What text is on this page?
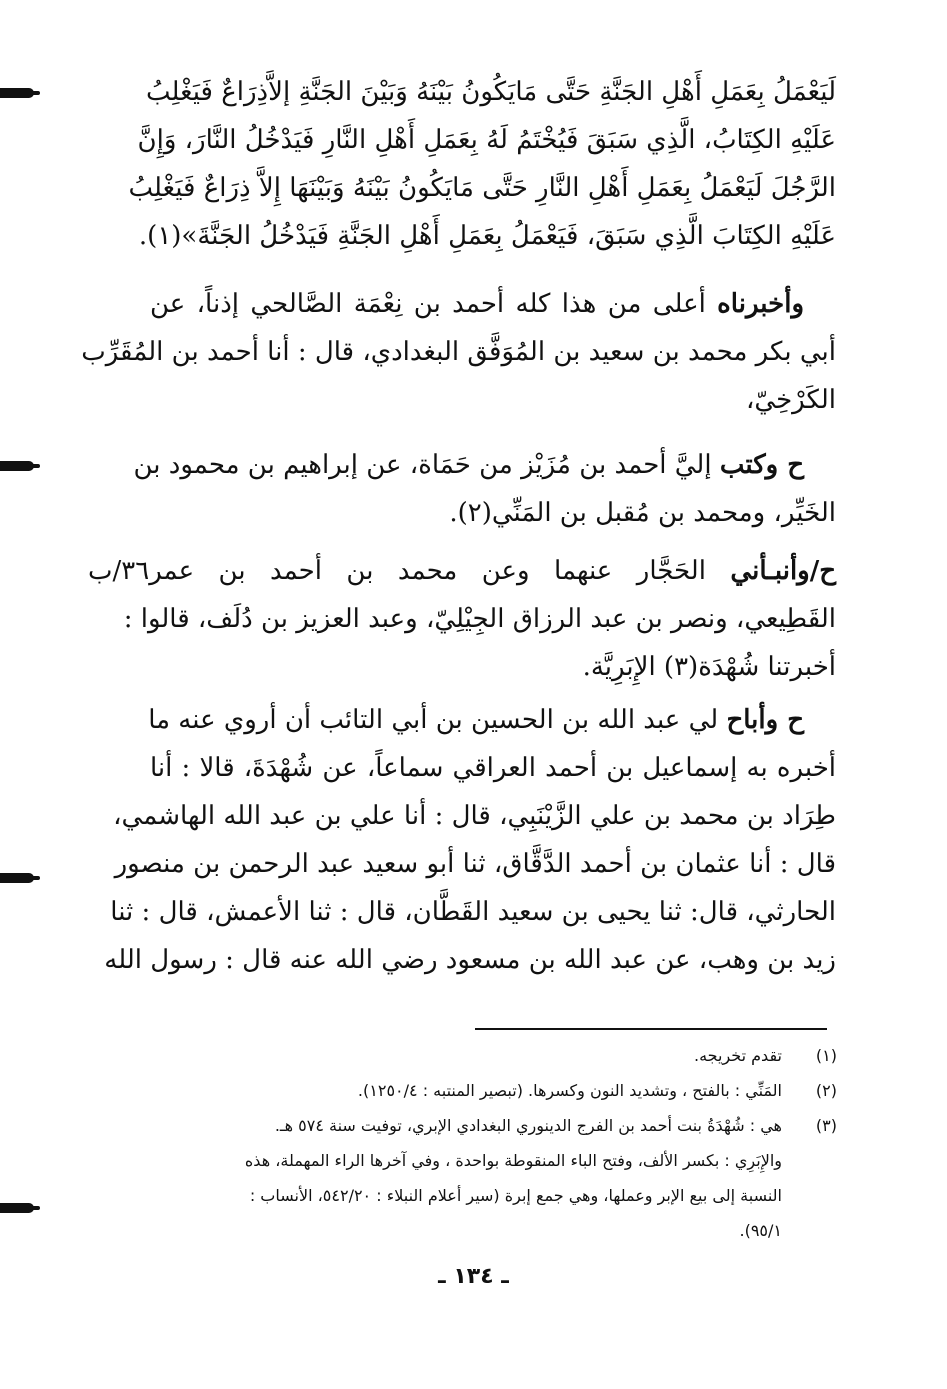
لَيَعْمَلُ بِعَمَلِ أَهْلِ الجَنَّةِ حَتَّى مَايَكُونُ بَيْنَهُ وَبَيْنَ الجَنَّةِ إلاَّذِرَاعٌ فَيَغْلِبُ
عَلَيْهِ الكِتَابُ، الَّذِي سَبَقَ فَيُخْتَمُ لَهُ بِعَمَلِ أَهْلِ النَّارِ فَيَدْخُلُ النَّارَ، وَإِنَّ
الرَّجُلَ لَيَعْمَلُ بِعَمَلِ أَهْلِ النَّارِ حَتَّى مَايَكُونُ بَيْنَهُ وَبَيْنَهَا إِلاَّ ذِرَاعٌ فَيَغْلِبُ
عَلَيْهِ الكِتَابَ الَّذِي سَبَقَ، فَيَعْمَلُ بِعَمَلِ أَهْلِ الجَنَّةِ فَيَدْخُلُ الجَنَّةَ»(١).
وأخبرناه أعلى من هذا كله أحمد بن نِعْمَة الصَّالحي إذناً، عن
أبي بكر محمد بن سعيد بن المُوَفَّق البغدادي، قال : أنا أحمد بن المُقَرِّب
الكَرْخِيّ،
ح وكتب إليَّ أحمد بن مُزَيْز من حَمَاة، عن إبراهيم بن محمود بن
الخَيِّر، ومحمد بن مُقبل بن المَنِّي(٢).
ح/وأنبـأني الحَجَّار عنهما وعن محمد بن أحمد بن عمر٣٦/ب
القَطِيعي، ونصر بن عبد الرزاق الجِيْلِيّ، وعبد العزيز بن دُلَف، قالوا :
أخبرتنا شُهْدَة(٣) الإِبَرِيَّة.
ح وأباح لي عبد الله بن الحسين بن أبي التائب أن أروي عنه ما
أخبره به إسماعيل بن أحمد العراقي سماعاً، عن شُهْدَةَ، قالا : أنا
طِرَاد بن محمد بن علي الزَّيْنَبِي، قال : أنا علي بن عبد الله الهاشمي،
قال : أنا عثمان بن أحمد الدَّقَّاق، ثنا أبو سعيد عبد الرحمن بن منصور
الحارثي، قال: ثنا يحيى بن سعيد القَطَّان، قال : ثنا الأعمش، قال : ثنا
زيد بن وهب، عن عبد الله بن مسعود رضي الله عنه قال : رسول الله
(١)
تقدم تخريجه.
(٢)
المَنِّي : بالفتح ، وتشديد النون وكسرها. (تبصير المنتبه : ١٢٥٠/٤).
(٣)
هي : شُهْدَةُ بنت أحمد بن الفرج الدينوري البغدادي الإبري، توفيت سنة ٥٧٤ هـ.
والإِبَرِي : بكسر الألف، وفتح الباء المنقوطة بواحدة ، وفي آخرها الراء المهملة، هذه
النسبة إلى بيع الإبر وعملها، وهي جمع إبرة (سير أعلام النبلاء : ٥٤٢/٢٠، الأنساب :
٩٥/١).
ـ ١٣٤ ـ
